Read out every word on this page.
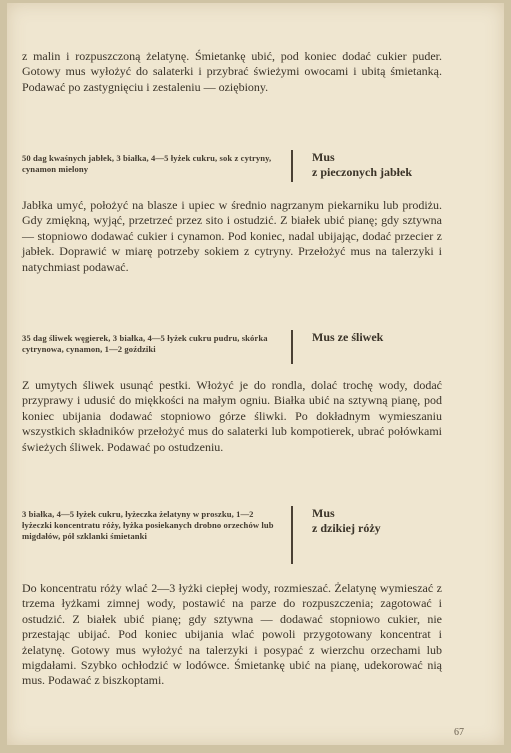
z malin i rozpuszczoną żelatynę. Śmietankę ubić, pod koniec dodać cukier puder. Gotowy mus wyłożyć do salaterki i przybrać świeżymi owocami i ubitą śmietanką. Podawać po zastygnięciu i zestaleniu — oziębiony.

50 dag kwaśnych jabłek, 3 białka, 4—5 łyżek cukru, sok z cytryny, cynamon mielony

Mus

z pieczonych jabłek

Jabłka umyć, położyć na blasze i upiec w średnio nagrzanym piekarniku lub prodiżu. Gdy zmiękną, wyjąć, przetrzeć przez sito i ostudzić. Z białek ubić pianę; gdy sztywna — stopniowo dodawać cukier i cynamon. Pod koniec, nadal ubijając, dodać przecier z jabłek. Doprawić w miarę potrzeby sokiem z cytryny. Przełożyć mus na talerzyki i natychmiast podawać.

35 dag śliwek węgierek, 3 białka, 4—5 łyżek cukru pudru, skórka cytrynowa, cynamon, 1—2 goździki

Mus ze śliwek

Z umytych śliwek usunąć pestki. Włożyć je do rondla, dolać trochę wody, dodać przyprawy i udusić do miękkości na małym ogniu. Białka ubić na sztywną pianę, pod koniec ubijania dodawać stopniowo górze śliwki. Po dokładnym wymieszaniu wszystkich składników przełożyć mus do salaterki lub kompotierek, ubrać połówkami świeżych śliwek. Podawać po ostudzeniu.

3 białka, 4—5 łyżek cukru, łyżeczka żelatyny w proszku, 1—2 łyżeczki koncentratu róży, łyżka posiekanych drobno orzechów lub migdałów, pół szklanki śmietanki

Mus

z dzikiej róży

Do koncentratu róży wlać 2—3 łyżki ciepłej wody, rozmieszać. Żelatynę wymieszać z trzema łyżkami zimnej wody, postawić na parze do rozpuszczenia; zagotować i ostudzić. Z białek ubić pianę; gdy sztywna — dodawać stopniowo cukier, nie przestając ubijać. Pod koniec ubijania wlać powoli przygotowany koncentrat i żelatynę. Gotowy mus wyłożyć na talerzyki i posypać z wierzchu orzechami lub migdałami. Szybko ochłodzić w lodówce. Śmietankę ubić na pianę, udekorować nią mus. Podawać z biszkoptami.

67
